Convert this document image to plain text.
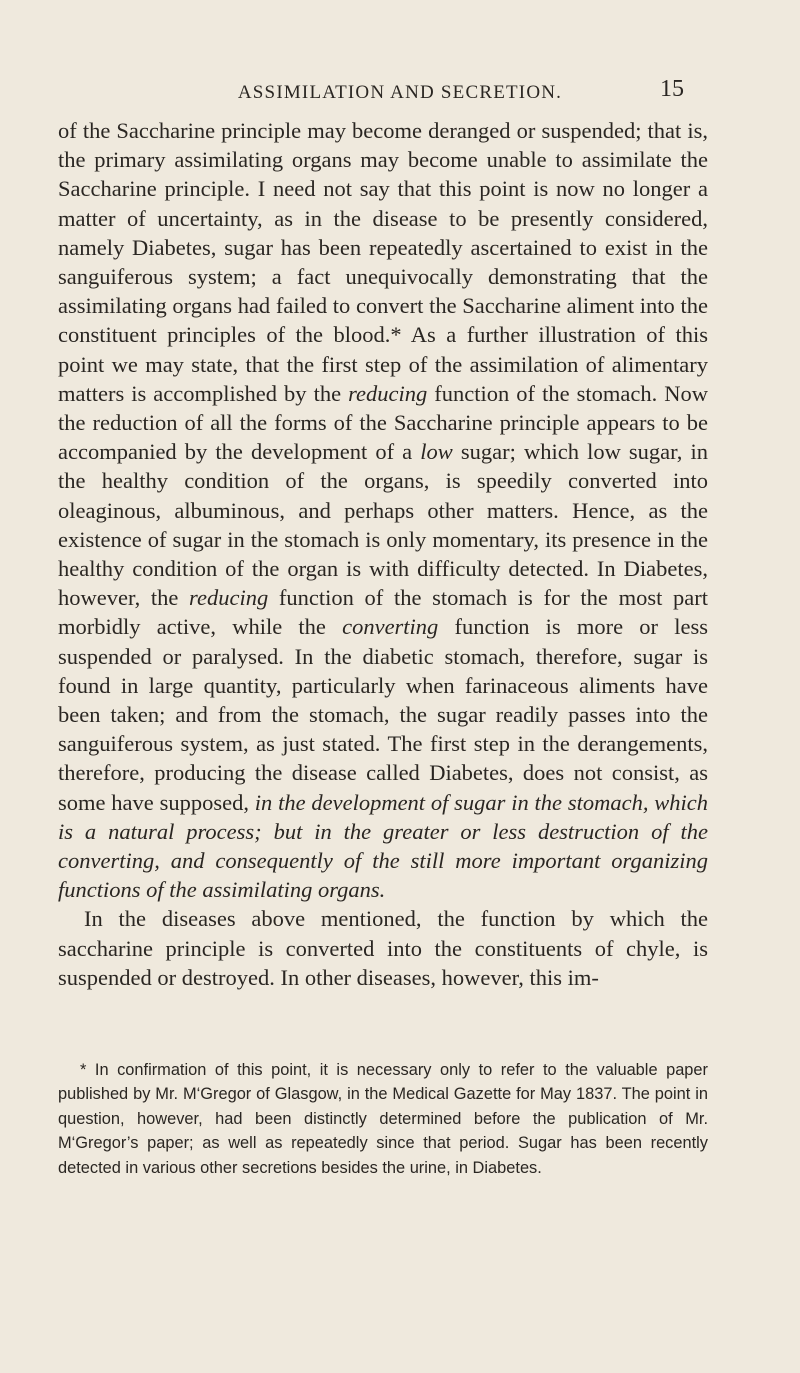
ASSIMILATION AND SECRETION.	15

of the Saccharine principle may become deranged or suspended; that is, the primary assimilating organs may become unable to assimilate the Saccharine principle. I need not say that this point is now no longer a matter of uncertainty, as in the disease to be presently considered, namely Diabetes, sugar has been repeatedly ascertained to exist in the sanguiferous system; a fact unequivocally demonstrating that the assimilating organs had failed to convert the Saccharine aliment into the constituent principles of the blood.* As a further illustration of this point we may state, that the first step of the assimilation of alimentary matters is accomplished by the reducing function of the stomach. Now the reduction of all the forms of the Saccharine principle appears to be accompanied by the development of a low sugar; which low sugar, in the healthy condition of the organs, is speedily converted into oleaginous, albuminous, and perhaps other matters. Hence, as the existence of sugar in the stomach is only momentary, its presence in the healthy condition of the organ is with difficulty detected. In Diabetes, however, the reducing function of the stomach is for the most part morbidly active, while the converting function is more or less suspended or paralysed. In the diabetic stomach, therefore, sugar is found in large quantity, particularly when farinaceous aliments have been taken; and from the stomach, the sugar readily passes into the sanguiferous system, as just stated. The first step in the derangements, therefore, producing the disease called Diabetes, does not consist, as some have supposed, in the development of sugar in the stomach, which is a natural process; but in the greater or less destruction of the converting, and consequently of the still more important organizing functions of the assimilating organs.

In the diseases above mentioned, the function by which the saccharine principle is converted into the constituents of chyle, is suspended or destroyed. In other diseases, however, this im-

* In confirmation of this point, it is necessary only to refer to the valuable paper published by Mr. M‘Gregor of Glasgow, in the Medical Gazette for May 1837. The point in question, however, had been distinctly determined before the publication of Mr. M‘Gregor’s paper; as well as repeatedly since that period. Sugar has been recently detected in various other secretions besides the urine, in Diabetes.
